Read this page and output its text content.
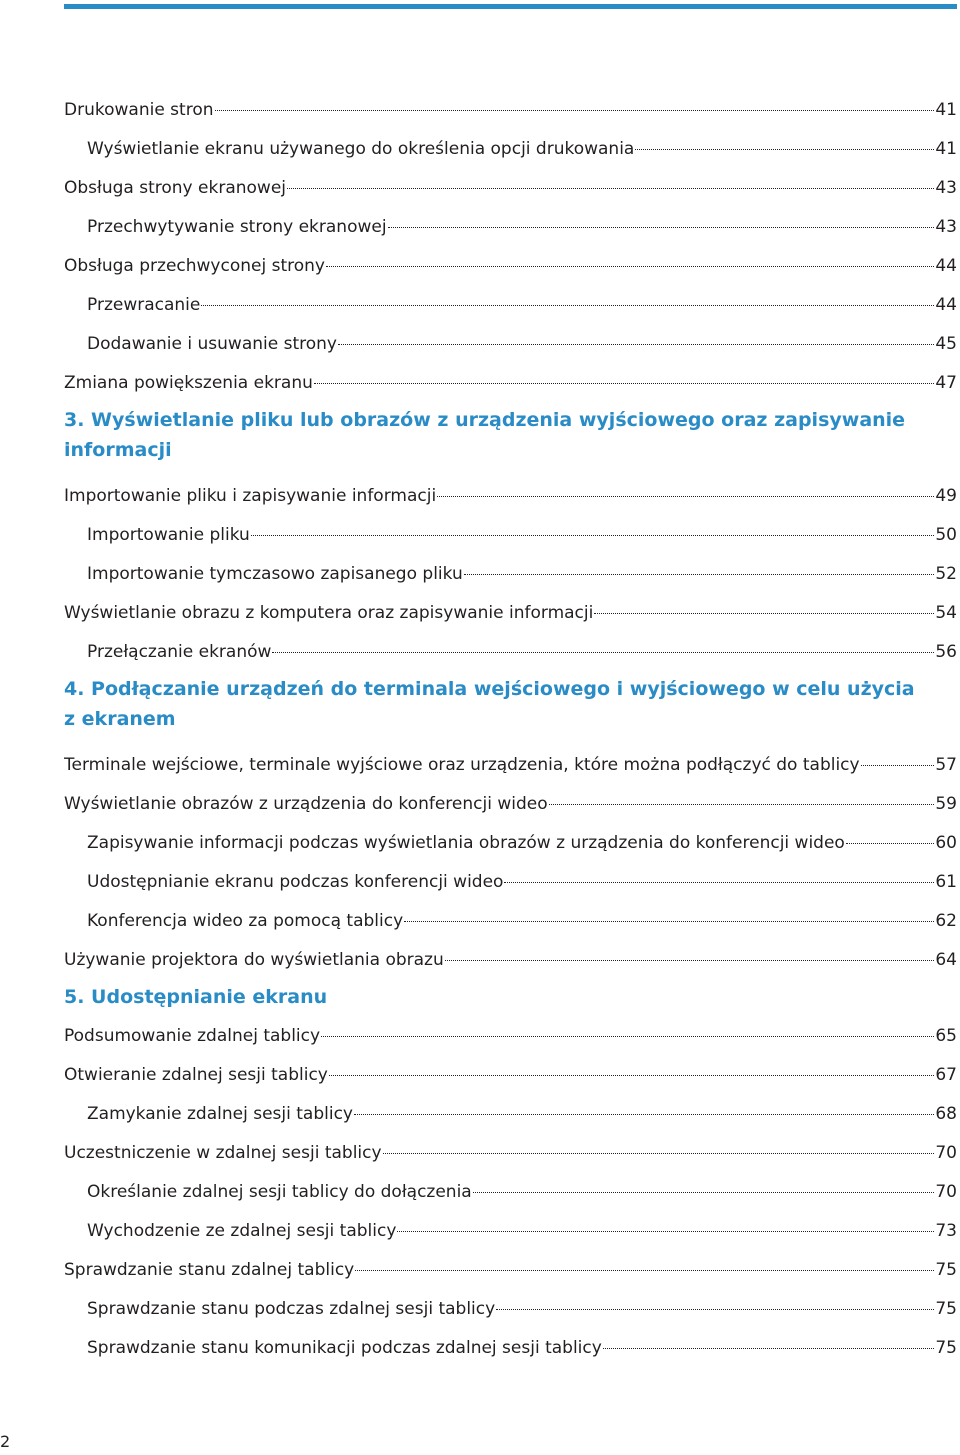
Drukowanie stron	41
Wyświetlanie ekranu używanego do określenia opcji drukowania	41
Obsługa strony ekranowej	43
Przechwytywanie strony ekranowej	43
Obsługa przechwyconej strony	44
Przewracanie	44
Dodawanie i usuwanie strony	45
Zmiana powiększenia ekranu	47
3. Wyświetlanie pliku lub obrazów z urządzenia wyjściowego oraz zapisywanie informacji
Importowanie pliku i zapisywanie informacji	49
Importowanie pliku	50
Importowanie tymczasowo zapisanego pliku	52
Wyświetlanie obrazu z komputera oraz zapisywanie informacji	54
Przełączanie ekranów	56
4. Podłączanie urządzeń do terminala wejściowego i wyjściowego w celu użycia z ekranem
Terminale wejściowe, terminale wyjściowe oraz urządzenia, które można podłączyć do tablicy	57
Wyświetlanie obrazów z urządzenia do konferencji wideo	59
Zapisywanie informacji podczas wyświetlania obrazów z urządzenia do konferencji wideo	60
Udostępnianie ekranu podczas konferencji wideo	61
Konferencja wideo za pomocą tablicy	62
Używanie projektora do wyświetlania obrazu	64
5. Udostępnianie ekranu
Podsumowanie zdalnej tablicy	65
Otwieranie zdalnej sesji tablicy	67
Zamykanie zdalnej sesji tablicy	68
Uczestniczenie w zdalnej sesji tablicy	70
Określanie zdalnej sesji tablicy do dołączenia	70
Wychodzenie ze zdalnej sesji tablicy	73
Sprawdzanie stanu zdalnej tablicy	75
Sprawdzanie stanu podczas zdalnej sesji tablicy	75
Sprawdzanie stanu komunikacji podczas zdalnej sesji tablicy	75
2
